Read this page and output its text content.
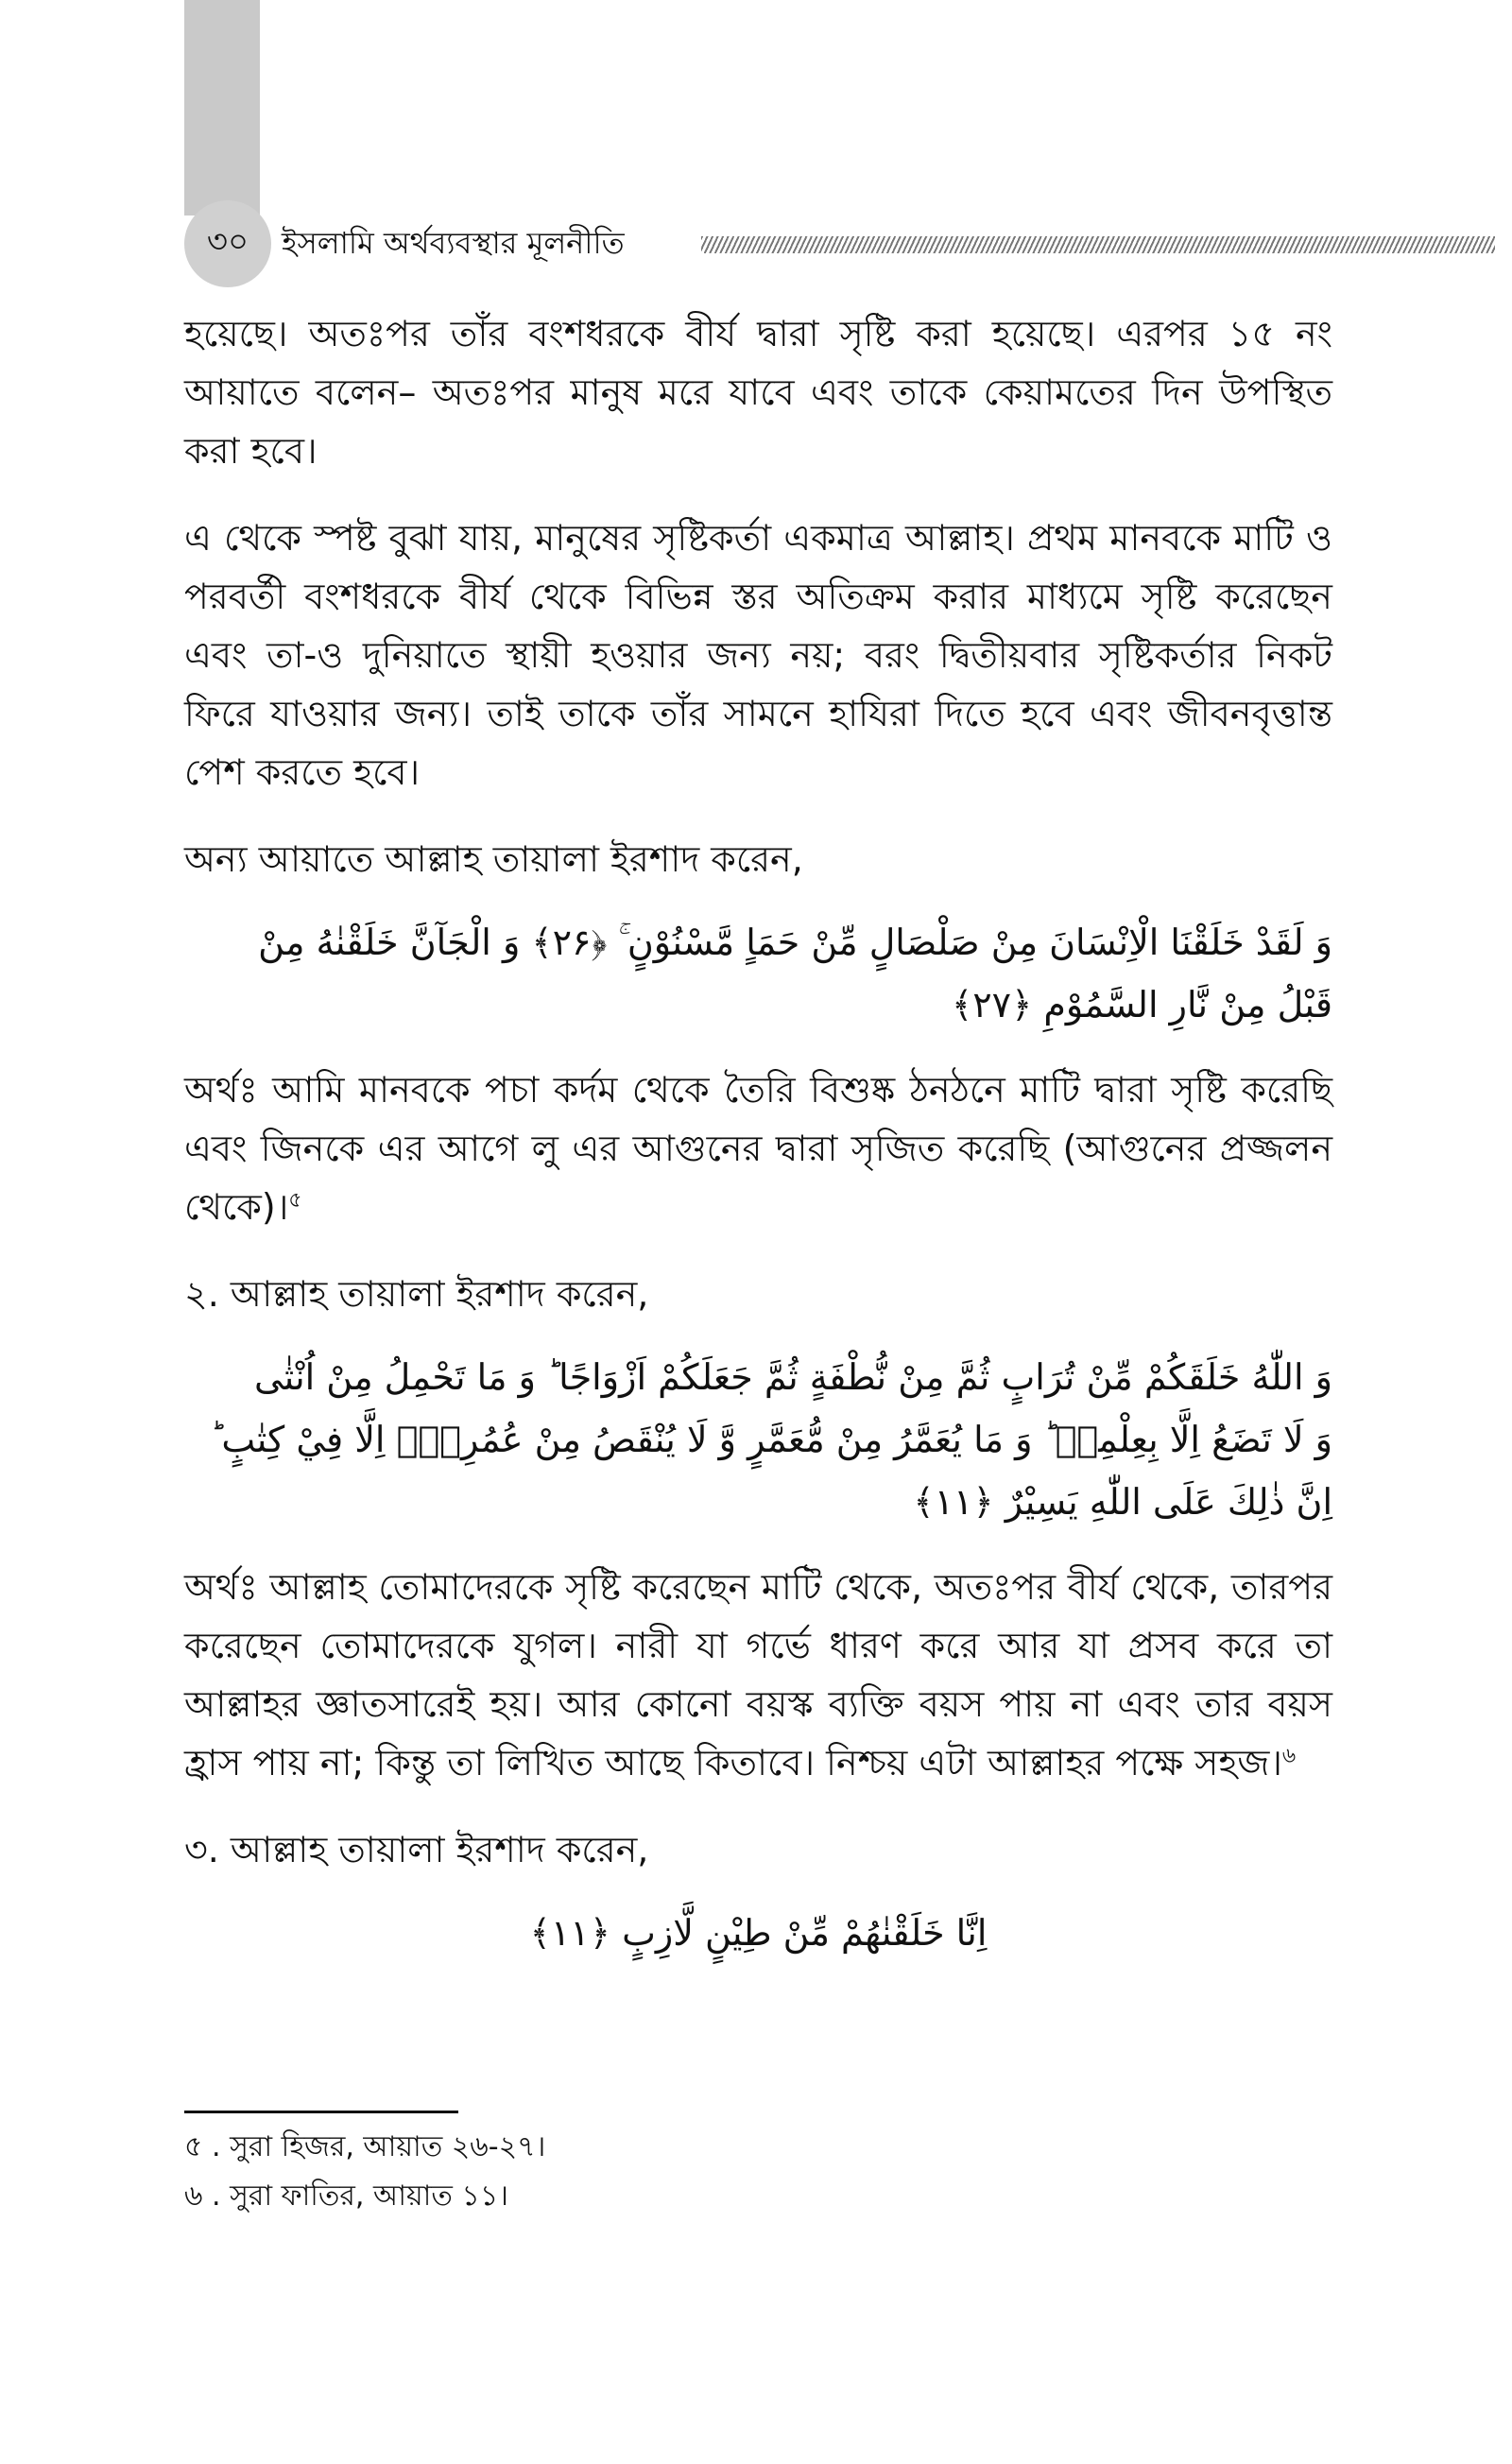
৩০	ইসলামি অর্থব্যবস্থার মূলনীতি

হয়েছে। অতঃপর তাঁর বংশধরকে বীর্য দ্বারা সৃষ্টি করা হয়েছে। এরপর ১৫ নং আয়াতে বলেন– অতঃপর মানুষ মরে যাবে এবং তাকে কেয়ামতের দিন উপস্থিত করা হবে।

এ থেকে স্পষ্ট বুঝা যায়, মানুষের সৃষ্টিকর্তা একমাত্র আল্লাহ। প্রথম মানবকে মাটি ও পরবর্তী বংশধরকে বীর্য থেকে বিভিন্ন স্তর অতিক্রম করার মাধ্যমে সৃষ্টি করেছেন এবং তা-ও দুনিয়াতে স্থায়ী হওয়ার জন্য নয়; বরং দ্বিতীয়বার সৃষ্টিকর্তার নিকট ফিরে যাওয়ার জন্য। তাই তাকে তাঁর সামনে হাযিরা দিতে হবে এবং জীবনবৃত্তান্ত পেশ করতে হবে।

অন্য আয়াতে আল্লাহ তায়ালা ইরশাদ করেন,

وَ لَقَدْ خَلَقْنَا الْاِنْسَانَ مِنْ صَلْصَالٍ مِّنْ حَمَاٍ مَّسْنُوْنٍ ۚ ﴿۲۶﴾ وَ الْجَآنَّ خَلَقْنٰهُ مِنْ
قَبْلُ مِنْ نَّارِ السَّمُوْمِ ﴿۲۷﴾

অর্থঃ আমি মানবকে পচা কর্দম থেকে তৈরি বিশুষ্ক ঠনঠনে মাটি দ্বারা সৃষ্টি করেছি এবং জিনকে এর আগে লু এর আগুনের দ্বারা সৃজিত করেছি (আগুনের প্রজ্জলন থেকে)।$^৫$

২. আল্লাহ তায়ালা ইরশাদ করেন,

وَ اللّٰهُ خَلَقَكُمْ مِّنْ تُرَابٍ ثُمَّ مِنْ نُّطْفَةٍ ثُمَّ جَعَلَكُمْ اَزْوَاجًا ؕ وَ مَا تَحْمِلُ مِنْ اُنْثٰى
وَ لَا تَضَعُ اِلَّا بِعِلْمِهٖ ؕ وَ مَا يُعَمَّرُ مِنْ مُّعَمَّرٍ وَّ لَا يُنْقَصُ مِنْ عُمُرِهٖۤ اِلَّا فِيْ كِتٰبٍ ؕ
اِنَّ ذٰلِكَ عَلَى اللّٰهِ يَسِيْرٌ ﴿۱۱﴾

অর্থঃ আল্লাহ তোমাদেরকে সৃষ্টি করেছেন মাটি থেকে, অতঃপর বীর্য থেকে, তারপর করেছেন তোমাদেরকে যুগল। নারী যা গর্ভে ধারণ করে আর যা প্রসব করে তা আল্লাহর জ্ঞাতসারেই হয়। আর কোনো বয়স্ক ব্যক্তি বয়স পায় না এবং তার বয়স হ্রাস পায় না; কিন্তু তা লিখিত আছে কিতাবে। নিশ্চয় এটা আল্লাহর পক্ষে সহজ।$^৬$

৩. আল্লাহ তায়ালা ইরশাদ করেন,

اِنَّا خَلَقْنٰهُمْ مِّنْ طِيْنٍ لَّازِبٍ ﴿۱۱﴾
৫ . সুরা হিজর, আয়াত ২৬-২৭।
৬ . সুরা ফাতির, আয়াত ১১।
